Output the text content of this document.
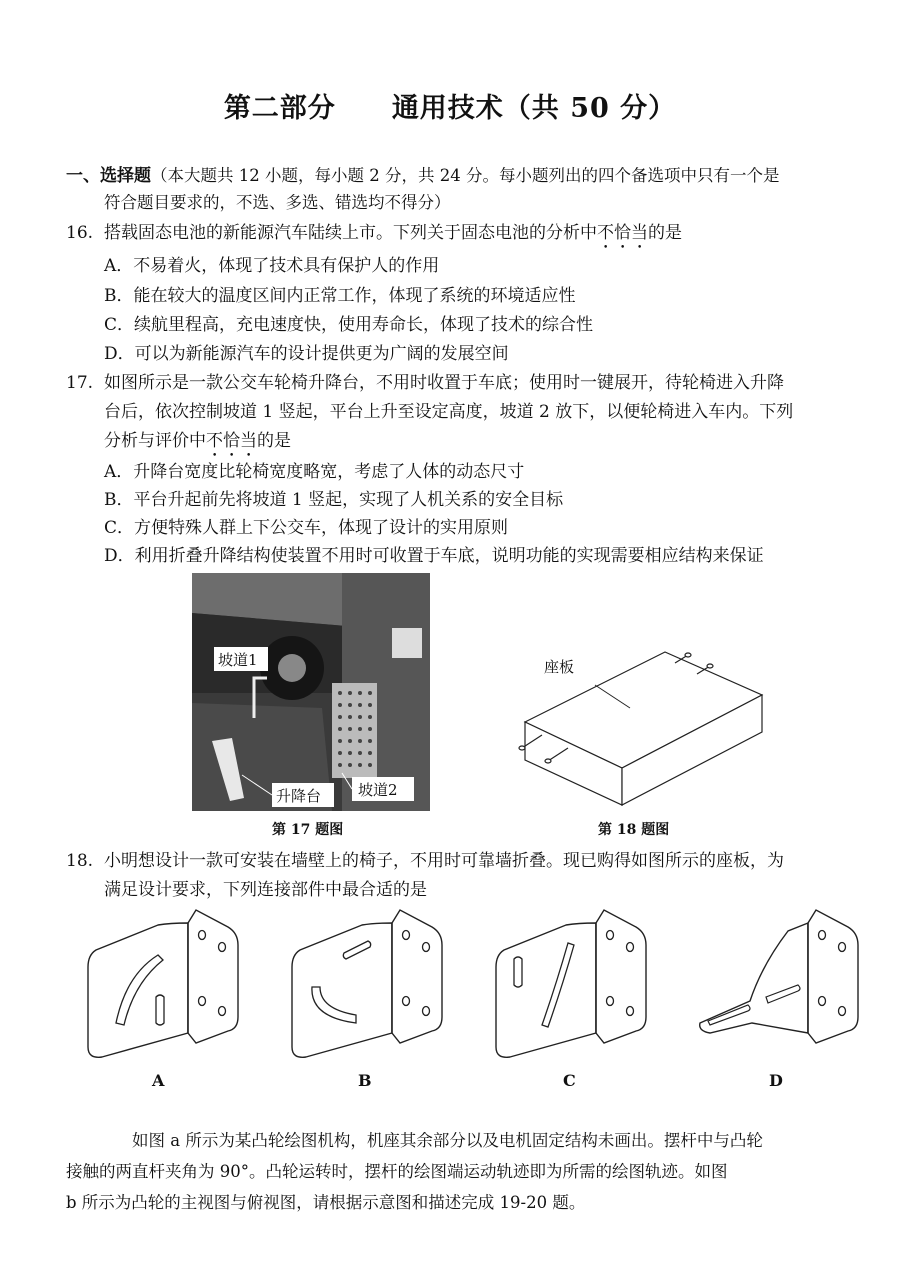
第二部分 通用技术（共 50 分）
一、选择题（本大题共 12 小题，每小题 2 分，共 24 分。每小题列出的四个备选项中只有一个是
符合题目要求的，不选、多选、错选均不得分）
16. 搭载固态电池的新能源汽车陆续上市。下列关于固态电池的分析中不恰当的是
A．不易着火，体现了技术具有保护人的作用
B．能在较大的温度区间内正常工作，体现了系统的环境适应性
C．续航里程高，充电速度快，使用寿命长，体现了技术的综合性
D．可以为新能源汽车的设计提供更为广阔的发展空间
17. 如图所示是一款公交车轮椅升降台，不用时收置于车底；使用时一键展开，待轮椅进入升降
台后，依次控制坡道 1 竖起，平台上升至设定高度，坡道 2 放下，以便轮椅进入车内。下列
分析与评价中不恰当的是
A．升降台宽度比轮椅宽度略宽，考虑了人体的动态尺寸
B．平台升起前先将坡道 1 竖起，实现了人机关系的安全目标
C．方便特殊人群上下公交车，体现了设计的实用原则
D．利用折叠升降结构使装置不用时可收置于车底，说明功能的实现需要相应结构来保证
坡道1
升降台 坡道2
第 17 题图
座板
第 18 题图
18. 小明想设计一款可安装在墙壁上的椅子，不用时可靠墙折叠。现已购得如图所示的座板，为
满足设计要求，下列连接部件中最合适的是
A	B	C	D
如图 a 所示为某凸轮绘图机构，机座其余部分以及电机固定结构未画出。摆杆中与凸轮
接触的两直杆夹角为 90°。凸轮运转时，摆杆的绘图端运动轨迹即为所需的绘图轨迹。如图
b 所示为凸轮的主视图与俯视图，请根据示意图和描述完成 19-20 题。
